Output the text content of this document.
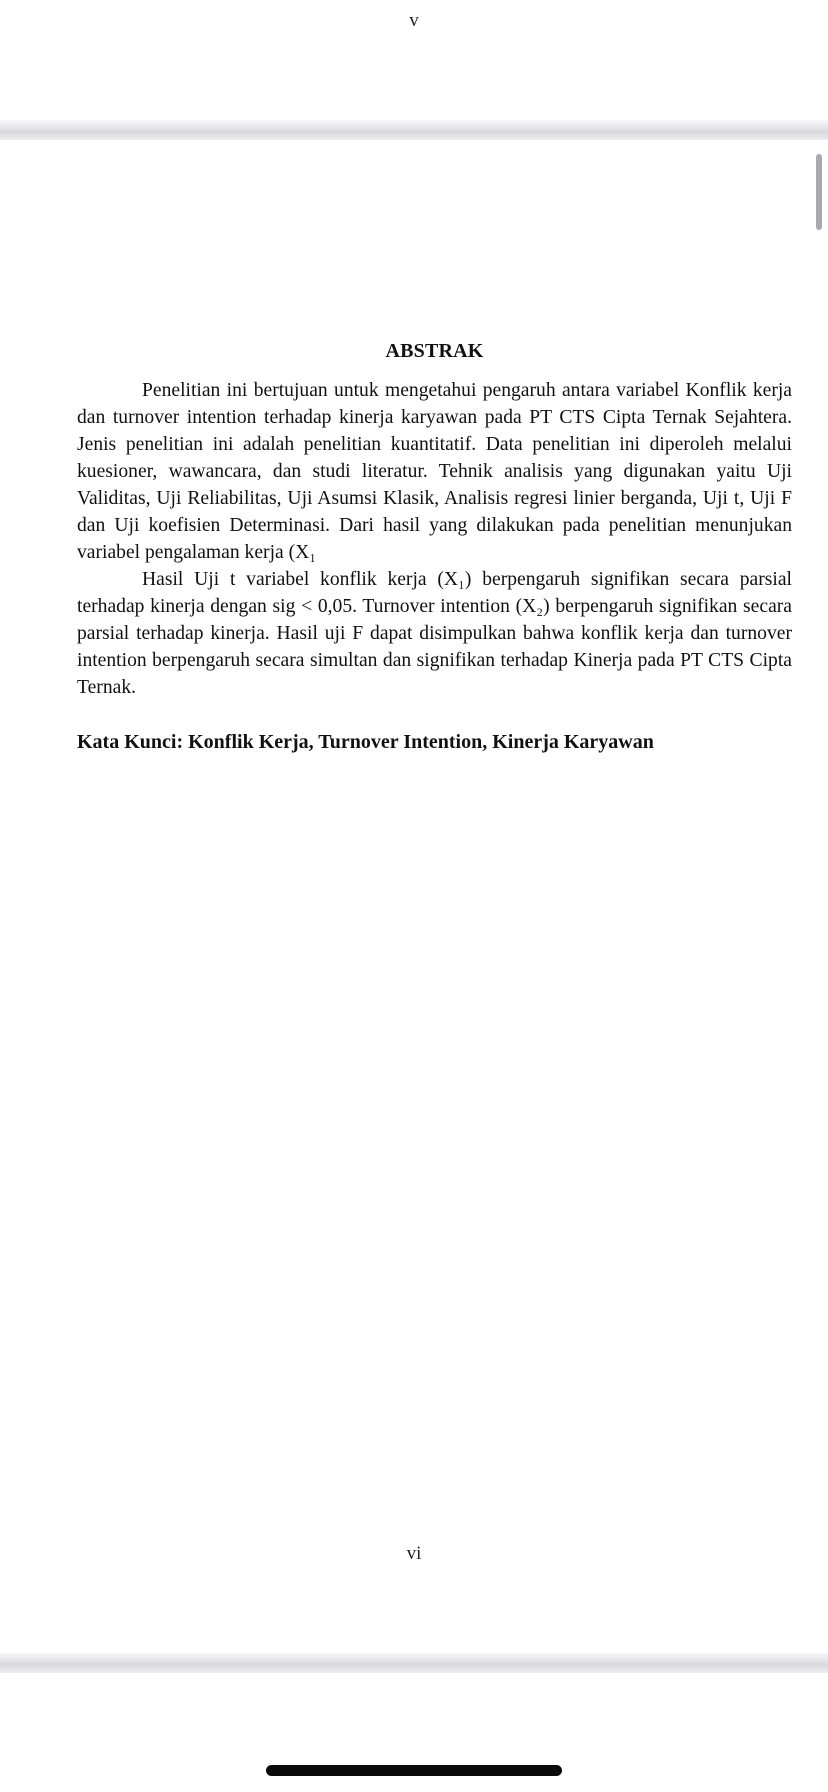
v
ABSTRAK

Penelitian ini bertujuan untuk mengetahui pengaruh antara variabel Konflik kerja dan turnover intention terhadap kinerja karyawan pada PT CTS Cipta Ternak Sejahtera. Jenis penelitian ini adalah penelitian kuantitatif. Data penelitian ini diperoleh melalui kuesioner, wawancara, dan studi literatur. Tehnik analisis yang digunakan yaitu Uji Validitas, Uji Reliabilitas, Uji Asumsi Klasik, Analisis regresi linier berganda, Uji t, Uji F dan Uji koefisien Determinasi. Dari hasil yang dilakukan pada penelitian menunjukan variabel pengalaman kerja (X₁

Hasil Uji t variabel konflik kerja (X₁) berpengaruh signifikan secara parsial terhadap kinerja dengan sig < 0,05. Turnover intention (X₂) berpengaruh signifikan secara parsial terhadap kinerja. Hasil uji F dapat disimpulkan bahwa konflik kerja dan turnover intention berpengaruh secara simultan dan signifikan terhadap Kinerja pada PT CTS Cipta Ternak.

Kata Kunci: Konflik Kerja, Turnover Intention, Kinerja Karyawan

vi
